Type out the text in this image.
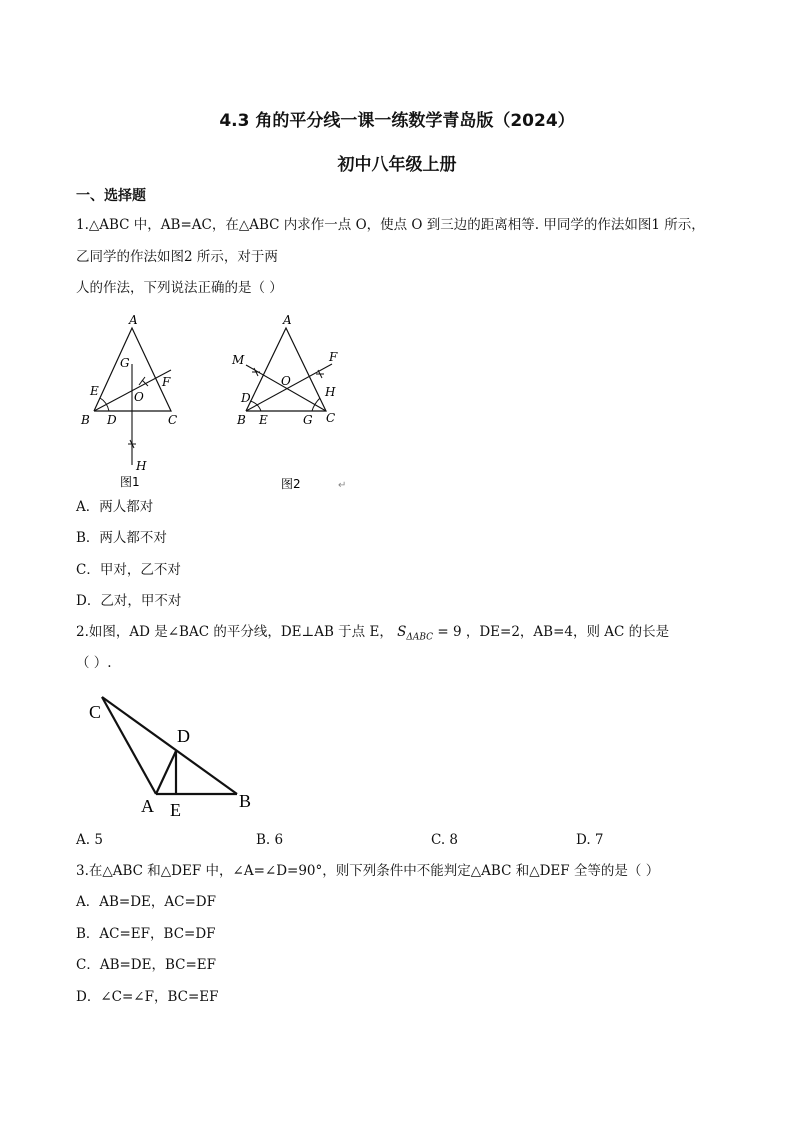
4.3 角的平分线一课一练数学青岛版（2024）
初中八年级上册
一、选择题
1.△ABC 中，AB=AC，在△ABC 内求作一点 O，使点 O 到三边的距离相等. 甲同学的作法如图1 所示，
乙同学的作法如图2 所示，对于两
人的作法，下列说法正确的是（ ）
A
G
O
F
E
B D	C
H
图1
A
M	F
O
H
D
B E	G C
图2	↵
A．两人都对
B．两人都不对
C．甲对，乙不对
D．乙对，甲不对
2.如图，AD 是∠BAC 的平分线，DE⊥AB 于点 E， $S_{\Delta ABC} = 9$ ，DE=2，AB=4，则 AC 的长是
（ ）.
C
D
A E	B
A. 5	B. 6	C. 8	D. 7
3.在△ABC 和△DEF 中，∠A=∠D=90°，则下列条件中不能判定△ABC 和△DEF 全等的是（ ）
A．AB=DE，AC=DF
B．AC=EF，BC=DF
C．AB=DE，BC=EF
D．∠C=∠F，BC=EF
